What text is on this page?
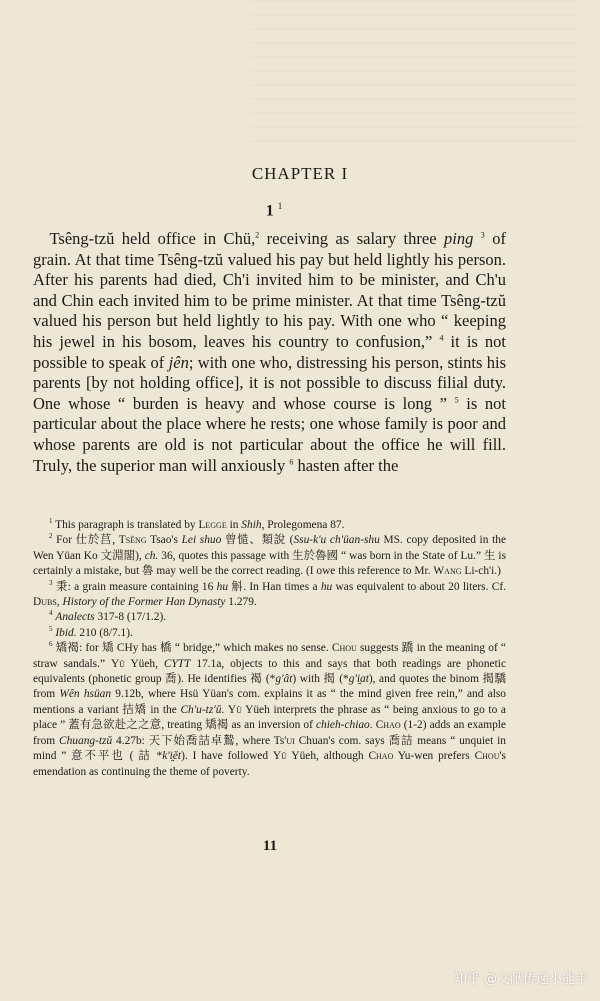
CHAPTER I
1 $^1$

 Tsêng-tzŭ held office in Chü,$^2$ receiving as salary three ping $^3$ of grain. At that time Tsêng-tzŭ valued his pay but held lightly his person. After his parents had died, Ch'i invited him to be minister, and Ch'u and Chin each invited him to be prime minister. At that time Tsêng-tzŭ valued his person but held lightly to his pay. With one who “ keeping his jewel in his bosom, leaves his country to confusion,” $^4$ it is not possible to speak of jên; with one who, distressing his person, stints his parents [by not holding office], it is not possible to discuss filial duty. One whose “ burden is heavy and whose course is long ” $^5$ is not particular about the place where he rests; one whose family is poor and whose parents are old is not particular about the office he will fill. Truly, the superior man will anxiously $^6$ hasten after the

$^1$ This paragraph is translated by Legge in Shih, Prolegomena 87.

$^2$ For 仕於莒, Tsêng Tsao's Lei shuo 曾慥、類說 (Ssu-k'u ch'üan-shu MS. copy deposited in the Wen Yüan Ko 文淵閣), ch. 36, quotes this passage with 生於魯國 “ was born in the State of Lu.” 生 is certainly a mistake, but 魯 may well be the correct reading. (I owe this reference to Mr. Wang Li-ch'i.)

$^3$ 秉: a grain measure containing 16 hu 斛. In Han times a hu was equivalent to about 20 liters. Cf. Dubs, History of the Former Han Dynasty 1.279.

$^4$ Analects 317-8 (17/1.2).

$^5$ Ibid. 210 (8/7.1).

$^6$ 矯褐: for 矯 CHy has 橋 “ bridge,” which makes no sense. Chou suggests 蹻 in the meaning of “ straw sandals.” Yü Yüeh, CYTT 17.1a, objects to this and says that both readings are phonetic equivalents (phonetic group 喬). He identifies 褐 (*g'ât) with 揭 (*g'i̯at), and quotes the binom 揭驕 from Wên hsüan 9.12b, where Hsü Yüan's com. explains it as “ the mind given free rein,” and also mentions a variant 拮矯 in the Ch'u-tz'ŭ. Yü Yüeh interprets the phrase as “ being anxious to go to a place ” 蓋有急欲赴之之意, treating 矯褐 as an inversion of chieh-chiao. Chao (1-2) adds an example from Chuang-tzŭ 4.27b: 天下始喬詰卓鷙, where Ts'ui Chuan's com. says 喬詰 means “ unquiet in mind ” 意不平也 ( 詰 *k'i̯ĕt). I have followed Yü Yüeh, although Chao Yu-wen prefers Chou's emendation as continuing the theme of poverty.

11
知乎 @文献传递小能手
